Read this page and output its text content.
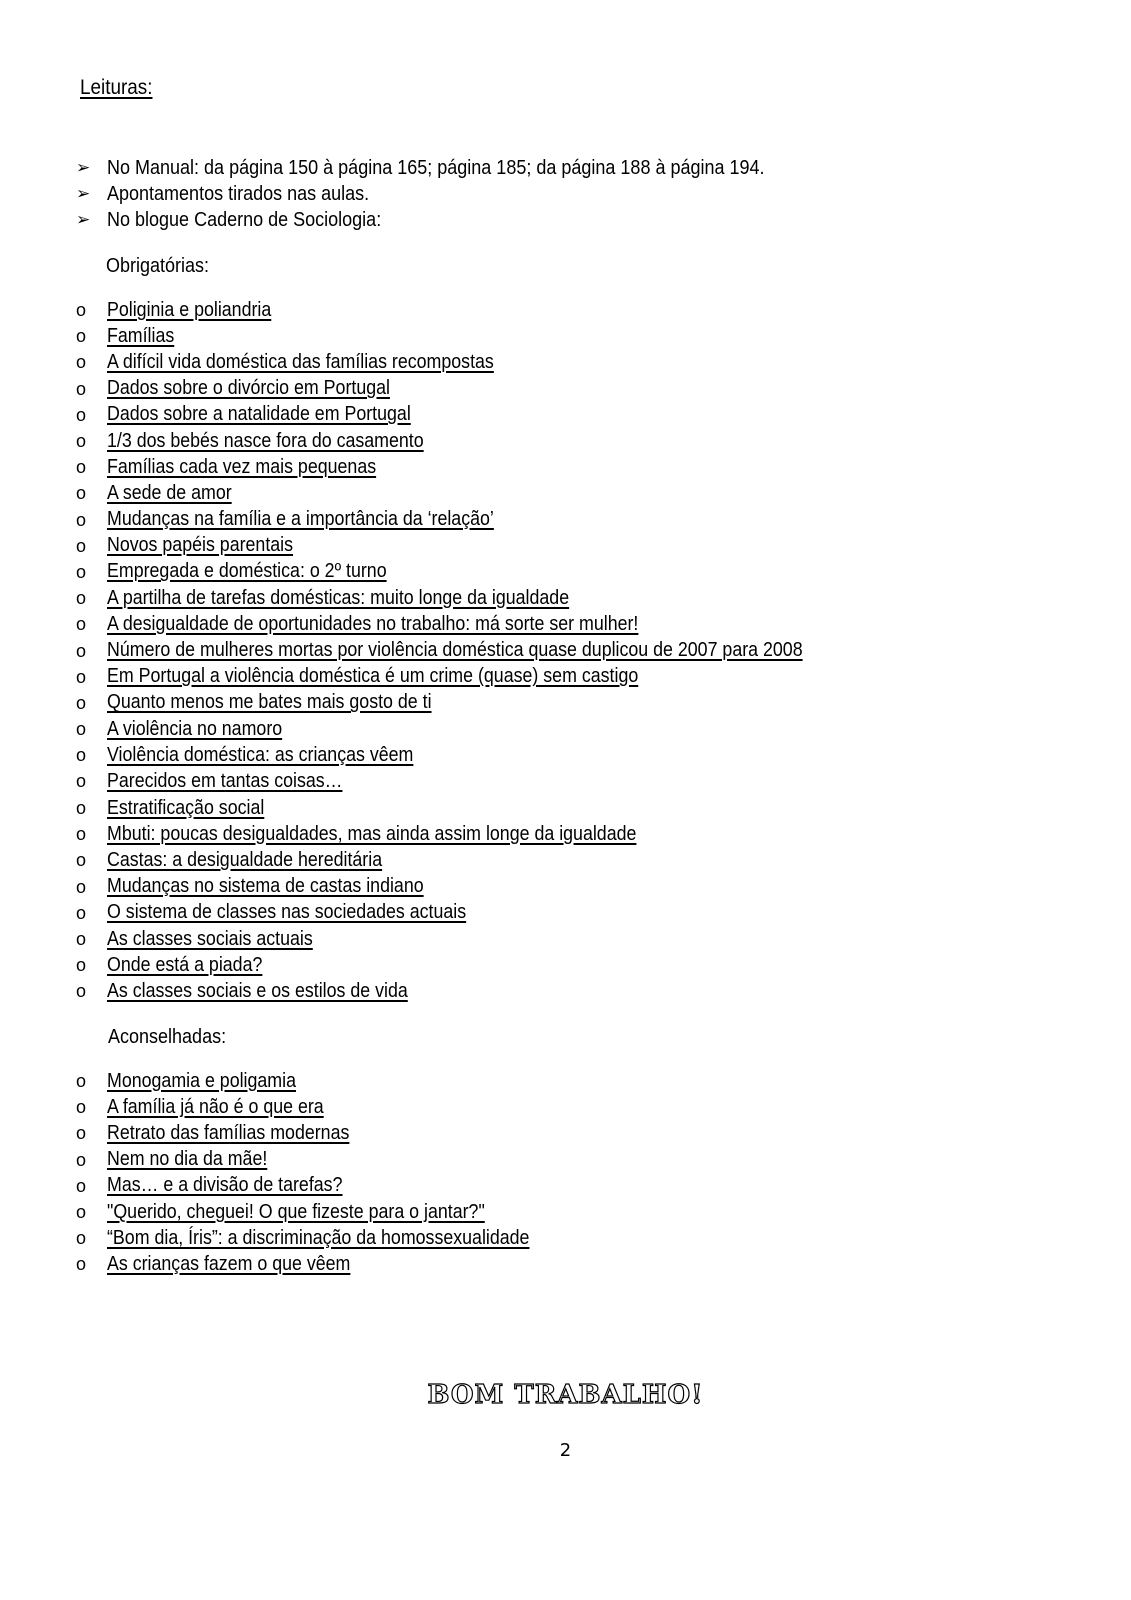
Leituras:
➢ No Manual: da página 150 à página 165; página 185; da página 188 à página 194.
➢ Apontamentos tirados nas aulas.
➢ No blogue Caderno de Sociologia:
Obrigatórias:
o	Poliginia e poliandria
o	Famílias
o	A difícil vida doméstica das famílias recompostas
o	Dados sobre o divórcio em Portugal
o	Dados sobre a natalidade em Portugal
o	1/3 dos bebés nasce fora do casamento
o	Famílias cada vez mais pequenas
o	A sede de amor
o	Mudanças na família e a importância da ‘relação’
o	Novos papéis parentais
o	Empregada e doméstica: o 2º turno
o	A partilha de tarefas domésticas: muito longe da igualdade
o	A desigualdade de oportunidades no trabalho: má sorte ser mulher!
o	Número de mulheres mortas por violência doméstica quase duplicou de 2007 para 2008
o	Em Portugal a violência doméstica é um crime (quase) sem castigo
o	Quanto menos me bates mais gosto de ti
o	A violência no namoro
o	Violência doméstica: as crianças vêem
o	Parecidos em tantas coisas…
o	Estratificação social
o	Mbuti: poucas desigualdades, mas ainda assim longe da igualdade
o	Castas: a desigualdade hereditária
o	Mudanças no sistema de castas indiano
o	O sistema de classes nas sociedades actuais
o	As classes sociais actuais
o	Onde está a piada?
o	As classes sociais e os estilos de vida
Aconselhadas:
o	Monogamia e poligamia
o	A família já não é o que era
o	Retrato das famílias modernas
o	Nem no dia da mãe!
o	Mas… e a divisão de tarefas?
o	"Querido, cheguei! O que fizeste para o jantar?"
o	“Bom dia, Íris”: a discriminação da homossexualidade
o	As crianças fazem o que vêem
BOM TRABALHO!
2
